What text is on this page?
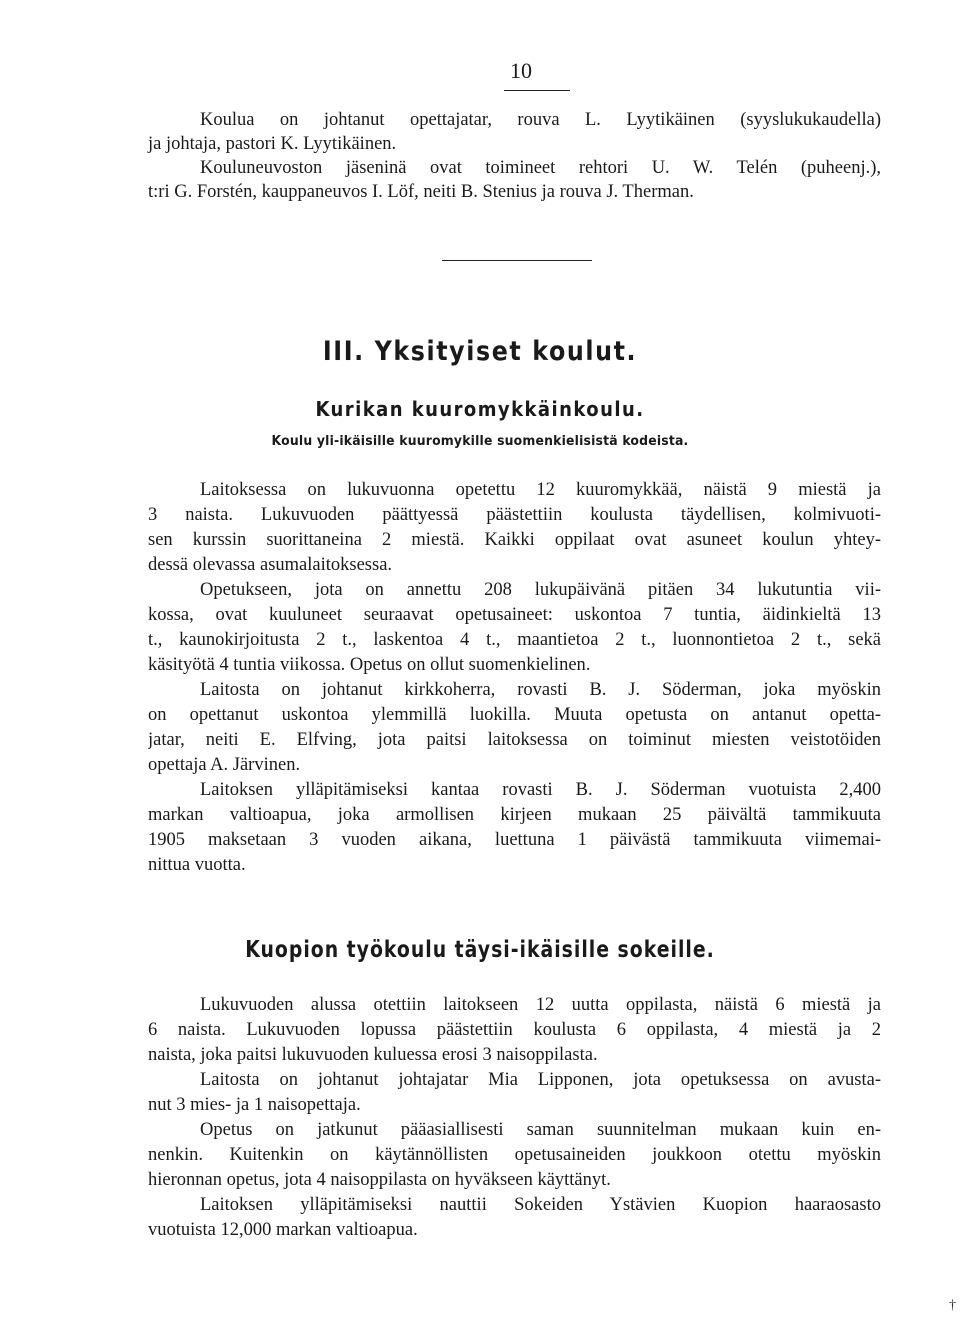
10
Koulua on johtanut opettajatar, rouva L. Lyytikäinen (syyslukukaudella)
ja johtaja, pastori K. Lyytikäinen.
Kouluneuvoston jäseninä ovat toimineet rehtori U. W. Telén (puheenj.),
t:ri G. Forstén, kauppaneuvos I. Löf, neiti B. Stenius ja rouva J. Therman.
III. Yksityiset koulut.
Kurikan kuuromykkäinkoulu.
Koulu yli-ikäisille kuuromykille suomenkielisistä kodeista.
Laitoksessa on lukuvuonna opetettu 12 kuuromykkää, näistä 9 miestä ja
3 naista. Lukuvuoden päättyessä päästettiin koulusta täydellisen, kolmivuoti-
sen kurssin suorittaneina 2 miestä. Kaikki oppilaat ovat asuneet koulun yhtey-
dessä olevassa asumalaitoksessa.
Opetukseen, jota on annettu 208 lukupäivänä pitäen 34 lukutuntia vii-
kossa, ovat kuuluneet seuraavat opetusaineet: uskontoa 7 tuntia, äidinkieltä 13
t., kaunokirjoitusta 2 t., laskentoa 4 t., maantietoa 2 t., luonnontietoa 2 t., sekä
käsityötä 4 tuntia viikossa. Opetus on ollut suomenkielinen.
Laitosta on johtanut kirkkoherra, rovasti B. J. Söderman, joka myöskin
on opettanut uskontoa ylemmillä luokilla. Muuta opetusta on antanut opetta-
jatar, neiti E. Elfving, jota paitsi laitoksessa on toiminut miesten veistotöiden
opettaja A. Järvinen.
Laitoksen ylläpitämiseksi kantaa rovasti B. J. Söderman vuotuista 2,400
markan valtioapua, joka armollisen kirjeen mukaan 25 päivältä tammikuuta
1905 maksetaan 3 vuoden aikana, luettuna 1 päivästä tammikuuta viimemai-
nittua vuotta.
Kuopion työkoulu täysi-ikäisille sokeille.
Lukuvuoden alussa otettiin laitokseen 12 uutta oppilasta, näistä 6 miestä ja
6 naista. Lukuvuoden lopussa päästettiin koulusta 6 oppilasta, 4 miestä ja 2
naista, joka paitsi lukuvuoden kuluessa erosi 3 naisoppilasta.
Laitosta on johtanut johtajatar Mia Lipponen, jota opetuksessa on avusta-
nut 3 mies- ja 1 naisopettaja.
Opetus on jatkunut pääasiallisesti saman suunnitelman mukaan kuin en-
nenkin. Kuitenkin on käytännöllisten opetusaineiden joukkoon otettu myöskin
hieronnan opetus, jota 4 naisoppilasta on hyväkseen käyttänyt.
Laitoksen ylläpitämiseksi nauttii Sokeiden Ystävien Kuopion haaraosasto
vuotuista 12,000 markan valtioapua.
†
